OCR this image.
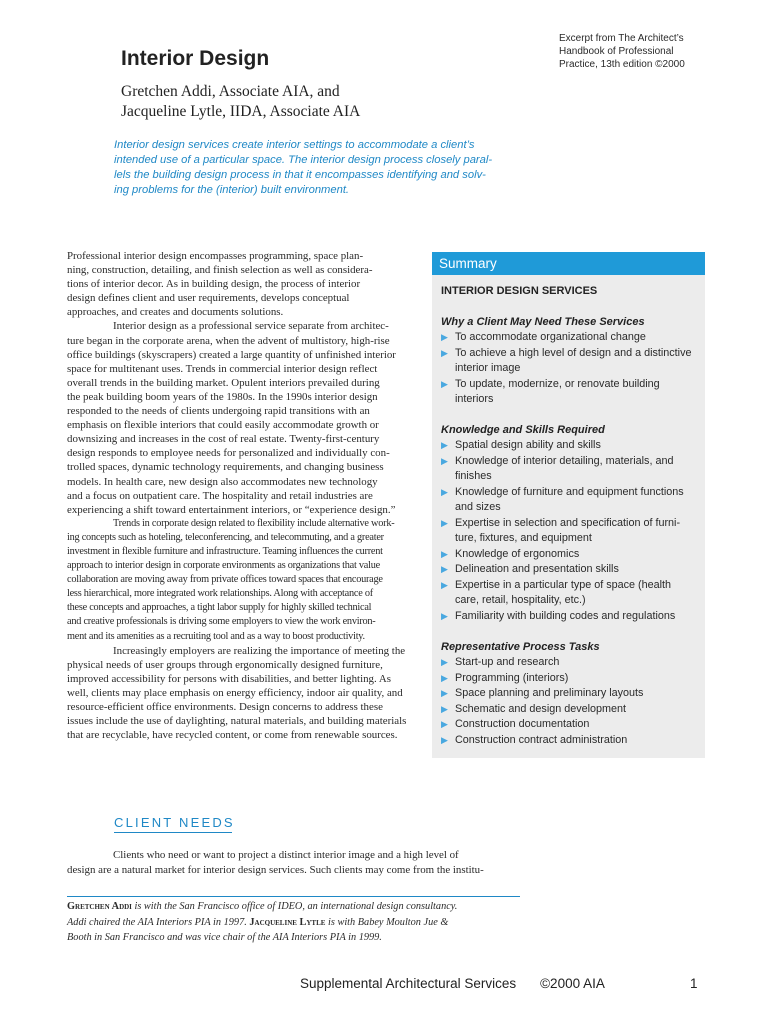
Excerpt from The Architect’s
Handbook of Professional
Practice, 13th edition ©2000
Interior Design
Gretchen Addi, Associate AIA, and
Jacqueline Lytle, IIDA, Associate AIA
Interior design services create interior settings to accommodate a client’s
intended use of a particular space. The interior design process closely paral-
lels the building design process in that it encompasses identifying and solv-
ing problems for the (interior) built environment.
Professional interior design encompasses programming, space plan-
ning, construction, detailing, and finish selection as well as considera-
tions of interior decor. As in building design, the process of interior
design defines client and user requirements, develops conceptual
approaches, and creates and documents solutions.
Interior design as a professional service separate from architec-
ture began in the corporate arena, when the advent of multistory, high-rise
office buildings (skyscrapers) created a large quantity of unfinished interior
space for multitenant uses. Trends in commercial interior design reflect
overall trends in the building market. Opulent interiors prevailed during
the peak building boom years of the 1980s. In the 1990s interior design
responded to the needs of clients undergoing rapid transitions with an
emphasis on flexible interiors that could easily accommodate growth or
downsizing and increases in the cost of real estate. Twenty-first-century
design responds to employee needs for personalized and individually con-
trolled spaces, dynamic technology requirements, and changing business
models. In health care, new design also accommodates new technology
and a focus on outpatient care. The hospitality and retail industries are
experiencing a shift toward entertainment interiors, or “experience design.”
Trends in corporate design related to flexibility include alternative work-
ing concepts such as hoteling, teleconferencing, and telecommuting, and a greater
investment in flexible furniture and infrastructure. Teaming influences the current
approach to interior design in corporate environments as organizations that value
collaboration are moving away from private offices toward spaces that encourage
less hierarchical, more integrated work relationships. Along with acceptance of
these concepts and approaches, a tight labor supply for highly skilled technical
and creative professionals is driving some employers to view the work environ-
ment and its amenities as a recruiting tool and as a way to boost productivity.
Increasingly employers are realizing the importance of meeting the
physical needs of user groups through ergonomically designed furniture,
improved accessibility for persons with disabilities, and better lighting. As
well, clients may place emphasis on energy efficiency, indoor air quality, and
resource-efficient office environments. Design concerns to address these
issues include the use of daylighting, natural materials, and building materials
that are recyclable, have recycled content, or come from renewable sources.
Summary
INTERIOR DESIGN SERVICES
Why a Client May Need These Services
▶ To accommodate organizational change
▶ To achieve a high level of design and a distinctive
interior image
▶ To update, modernize, or renovate building
interiors
Knowledge and Skills Required
▶ Spatial design ability and skills
▶ Knowledge of interior detailing, materials, and
finishes
▶ Knowledge of furniture and equipment functions
and sizes
▶ Expertise in selection and specification of furni-
ture, fixtures, and equipment
▶ Knowledge of ergonomics
▶ Delineation and presentation skills
▶ Expertise in a particular type of space (health
care, retail, hospitality, etc.)
▶ Familiarity with building codes and regulations
Representative Process Tasks
▶ Start-up and research
▶ Programming (interiors)
▶ Space planning and preliminary layouts
▶ Schematic and design development
▶ Construction documentation
▶ Construction contract administration
CLIENT NEEDS
Clients who need or want to project a distinct interior image and a high level of
design are a natural market for interior design services. Such clients may come from the institu-
Gretchen Addi is with the San Francisco office of IDEO, an international design consultancy.
Addi chaired the AIA Interiors PIA in 1997. Jacqueline Lytle is with Babey Moulton Jue &
Booth in San Francisco and was vice chair of the AIA Interiors PIA in 1999.
Supplemental Architectural Services ©2000 AIA	1
